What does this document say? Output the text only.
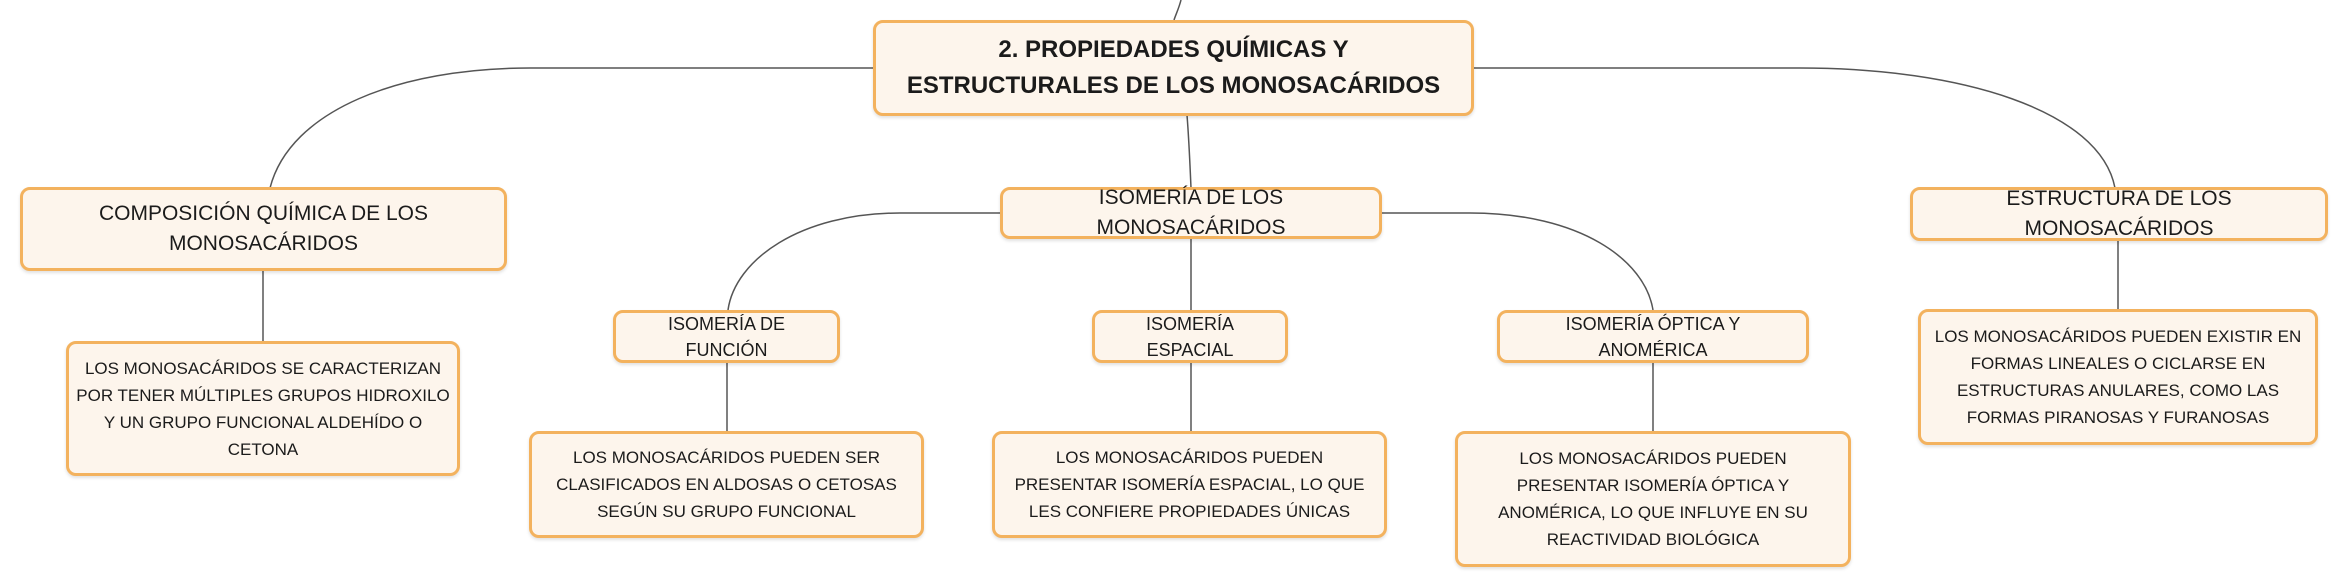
2. PROPIEDADES QUÍMICAS Y ESTRUCTURALES DE LOS MONOSACÁRIDOS
COMPOSICIÓN QUÍMICA DE LOS MONOSACÁRIDOS
ISOMERÍA DE LOS MONOSACÁRIDOS
ESTRUCTURA DE LOS MONOSACÁRIDOS
LOS MONOSACÁRIDOS SE CARACTERIZAN POR TENER MÚLTIPLES GRUPOS HIDROXILO Y UN GRUPO FUNCIONAL ALDEHÍDO O CETONA
ISOMERÍA DE FUNCIÓN
ISOMERÍA ESPACIAL
ISOMERÍA ÓPTICA Y ANOMÉRICA
LOS MONOSACÁRIDOS PUEDEN SER CLASIFICADOS EN ALDOSAS O CETOSAS SEGÚN SU GRUPO FUNCIONAL
LOS MONOSACÁRIDOS PUEDEN PRESENTAR ISOMERÍA ESPACIAL, LO QUE LES CONFIERE PROPIEDADES ÚNICAS
LOS MONOSACÁRIDOS PUEDEN PRESENTAR ISOMERÍA ÓPTICA Y ANOMÉRICA, LO QUE INFLUYE EN SU REACTIVIDAD BIOLÓGICA
LOS MONOSACÁRIDOS PUEDEN EXISTIR EN FORMAS LINEALES O CICLARSE EN ESTRUCTURAS ANULARES, COMO LAS FORMAS PIRANOSAS Y FURANOSAS
